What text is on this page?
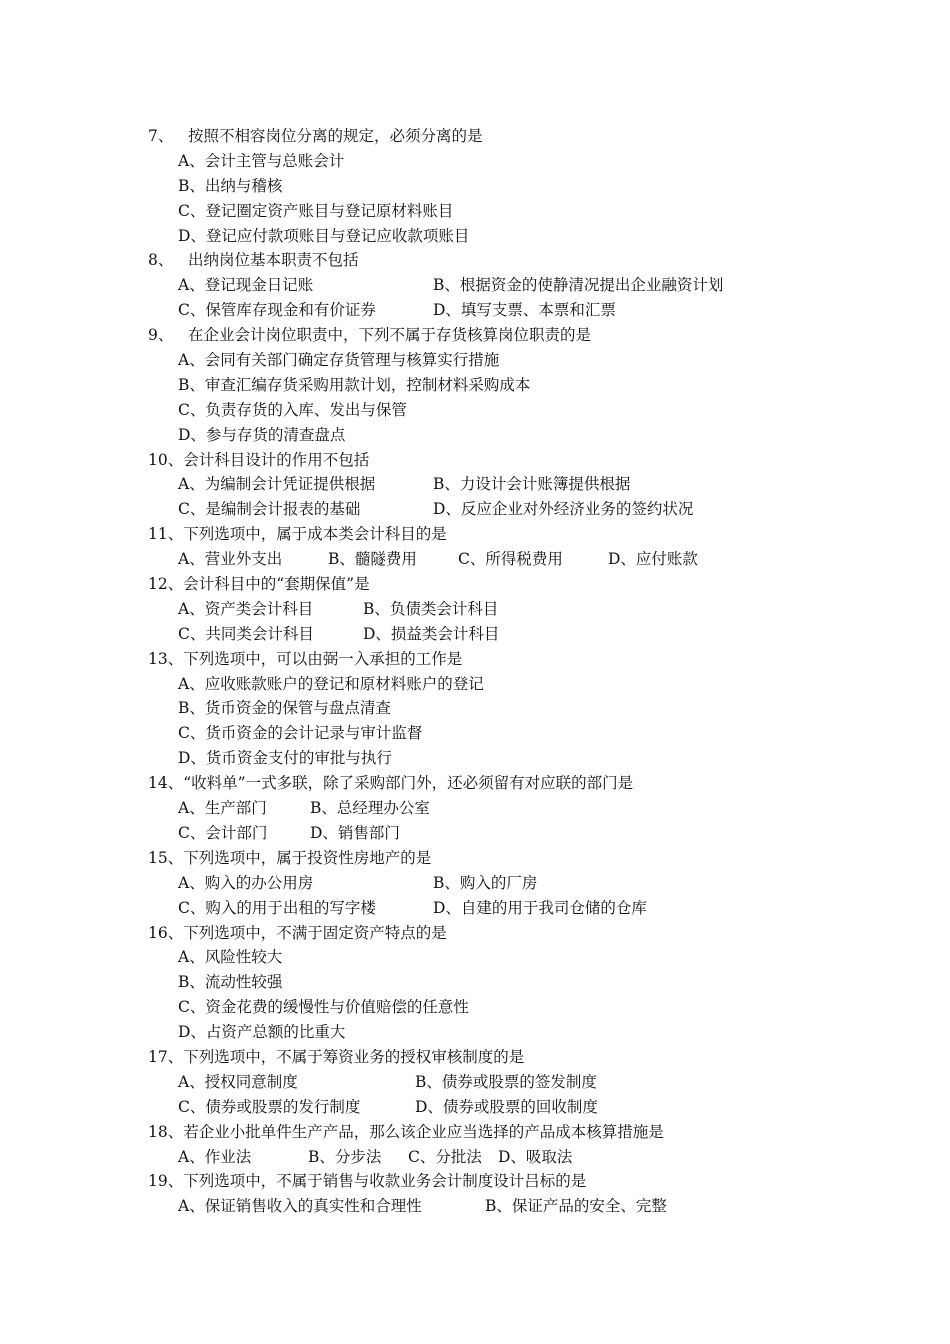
7、 按照不相容岗位分离的规定，必须分离的是
A、会计主管与总账会计
B、出纳与稽核
C、登记圈定资产账目与登记原材料账目
D、登记应付款项账目与登记应收款项账目
8、 出纳岗位基本职责不包括
A、登记现金日记账	B、根据资金的使静清况提出企业融资计划
C、保管库存现金和有价证券	D、填写支票、本票和汇票
9、 在企业会计岗位职责中，下列不属于存货核算岗位职责的是
A、会同有关部门确定存货管理与核算实行措施
B、审查汇编存货采购用款计划，控制材料采购成本
C、负责存货的入库、发出与保管
D、参与存货的清查盘点
10、会计科目设计的作用不包括
A、为编制会计凭证提供根据	B、力设计会计账簿提供根据
C、是编制会计报表的基础	D、反应企业对外经济业务的签约状况
11、下列选项中，属于成本类会计科目的是
A、营业外支出	B、髓隧费用	C、所得税费用	D、应付账款
12、会计科目中的“套期保值”是
A、资产类会计科目	B、负债类会计科目
C、共同类会计科目	D、损益类会计科目
13、下列选项中，可以由弼一入承担的工作是
A、应收账款账户的登记和原材料账户的登记
B、货币资金的保管与盘点清查
C、货币资金的会计记录与审计监督
D、货币资金支付的审批与执行
14、“收料单”一式多联，除了采购部门外，还必须留有对应联的部门是
A、生产部门	B、总经理办公室
C、会计部门	D、销售部门
15、下列选项中，属于投资性房地产的是
A、购入的办公用房	B、购入的厂房
C、购入的用于出租的写字楼	D、自建的用于我司仓储的仓库
16、下列选项中，不满于固定资产特点的是
A、风险性较大
B、流动性较强
C、资金花费的缓慢性与价值赔偿的任意性
D、占资产总额的比重大
17、下列选项中，不属于筹资业务的授权审核制度的是
A、授权同意制度	B、债券或股票的签发制度
C、债券或股票的发行制度	D、债券或股票的回收制度
18、若企业小批单件生产产品，那么该企业应当选择的产品成本核算措施是
A、作业法	B、分步法 C、分批法 D、吸取法
19、下列选项中，不属于销售与收款业务会计制度设计吕标的是
A、保证销售收入的真实性和合理性	B、保证产品的安全、完整
